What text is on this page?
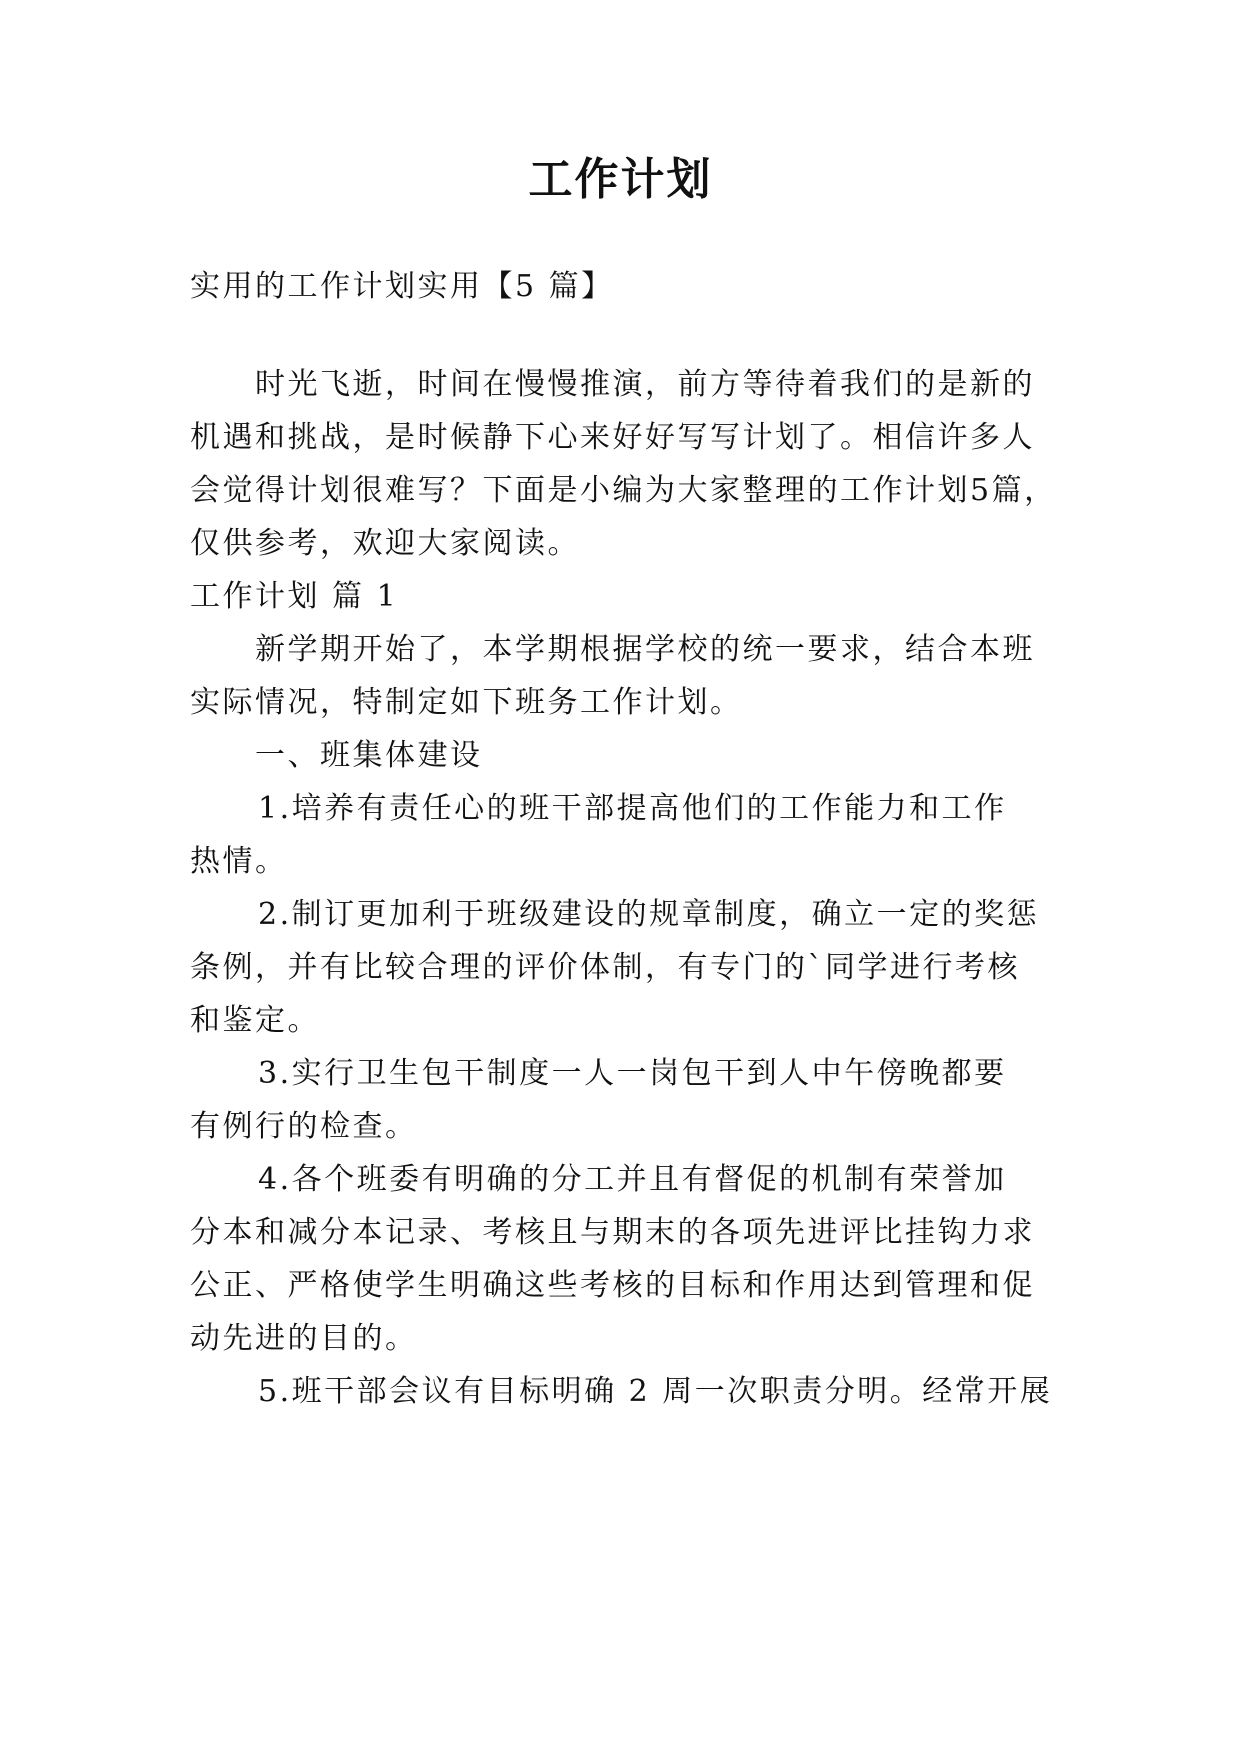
工作计划
实用的工作计划实用【5 篇】
时光飞逝，时间在慢慢推演，前方等待着我们的是新的
机遇和挑战，是时候静下心来好好写写计划了。相信许多人
会觉得计划很难写？下面是小编为大家整理的工作计划5篇，
仅供参考，欢迎大家阅读。
工作计划 篇 1
新学期开始了，本学期根据学校的统一要求，结合本班
实际情况，特制定如下班务工作计划。
一、班集体建设
1.培养有责任心的班干部提高他们的工作能力和工作
热情。
2.制订更加利于班级建设的规章制度，确立一定的奖惩
条例，并有比较合理的评价体制，有专门的`同学进行考核
和鉴定。
3.实行卫生包干制度一人一岗包干到人中午傍晚都要
有例行的检查。
4.各个班委有明确的分工并且有督促的机制有荣誉加
分本和减分本记录、考核且与期末的各项先进评比挂钩力求
公正、严格使学生明确这些考核的目标和作用达到管理和促
动先进的目的。
5.班干部会议有目标明确 2 周一次职责分明。经常开展
